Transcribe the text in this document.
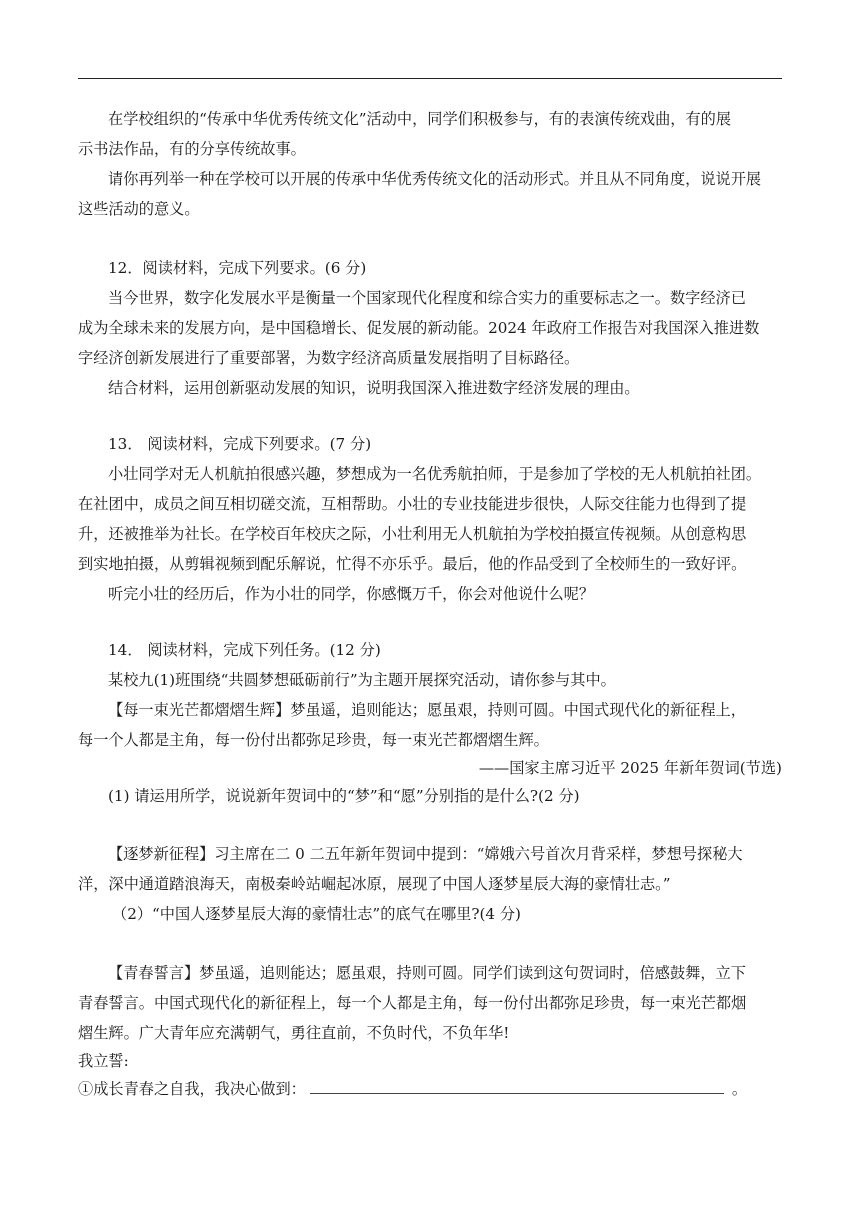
在学校组织的“传承中华优秀传统文化”活动中，同学们积极参与，有的表演传统戏曲，有的展
示书法作品，有的分享传统故事。
请你再列举一种在学校可以开展的传承中华优秀传统文化的活动形式。并且从不同角度，说说开展
这些活动的意义。
12．阅读材料，完成下列要求。(6 分)
当今世界，数字化发展水平是衡量一个国家现代化程度和综合实力的重要标志之一。数字经济已
成为全球未来的发展方向，是中国稳增长、促发展的新动能。2024 年政府工作报告对我国深入推进数
字经济创新发展进行了重要部署，为数字经济高质量发展指明了目标路径。
结合材料，运用创新驱动发展的知识，说明我国深入推进数字经济发展的理由。
13． 阅读材料，完成下列要求。(7 分)
小壮同学对无人机航拍很感兴趣，梦想成为一名优秀航拍师，于是参加了学校的无人机航拍社团。
在社团中，成员之间互相切磋交流，互相帮助。小壮的专业技能进步很快，人际交往能力也得到了提
升，还被推举为社长。在学校百年校庆之际，小壮利用无人机航拍为学校拍摄宣传视频。从创意构思
到实地拍摄，从剪辑视频到配乐解说，忙得不亦乐乎。最后，他的作品受到了全校师生的一致好评。
听完小壮的经历后，作为小壮的同学，你感慨万千，你会对他说什么呢？
14． 阅读材料，完成下列任务。(12 分)
某校九(1)班围绕“共圆梦想砥砺前行”为主题开展探究活动，请你参与其中。
【每一束光芒都熠熠生辉】梦虽遥，追则能达；愿虽艰，持则可圆。中国式现代化的新征程上，
每一个人都是主角，每一份付出都弥足珍贵，每一束光芒都熠熠生辉。
——国家主席习近平 2025 年新年贺词(节选)
(1) 请运用所学，说说新年贺词中的“梦”和“愿”分别指的是什么?(2 分)
【逐梦新征程】习主席在二 0 二五年新年贺词中提到：“嫦娥六号首次月背采样，梦想号探秘大
洋，深中通道踏浪海天，南极秦岭站崛起冰原，展现了中国人逐梦星辰大海的豪情壮志。”
（2）“中国人逐梦星辰大海的豪情壮志”的底气在哪里?(4 分)
【青春誓言】梦虽遥，追则能达；愿虽艰，持则可圆。同学们读到这句贺词时，倍感鼓舞，立下
青春誓言。中国式现代化的新征程上，每一个人都是主角，每一份付出都弥足珍贵，每一束光芒都烟
熠生辉。广大青年应充满朝气，勇往直前，不负时代，不负年华!
我立誓:
①成长青春之自我，我决心做到：	。
